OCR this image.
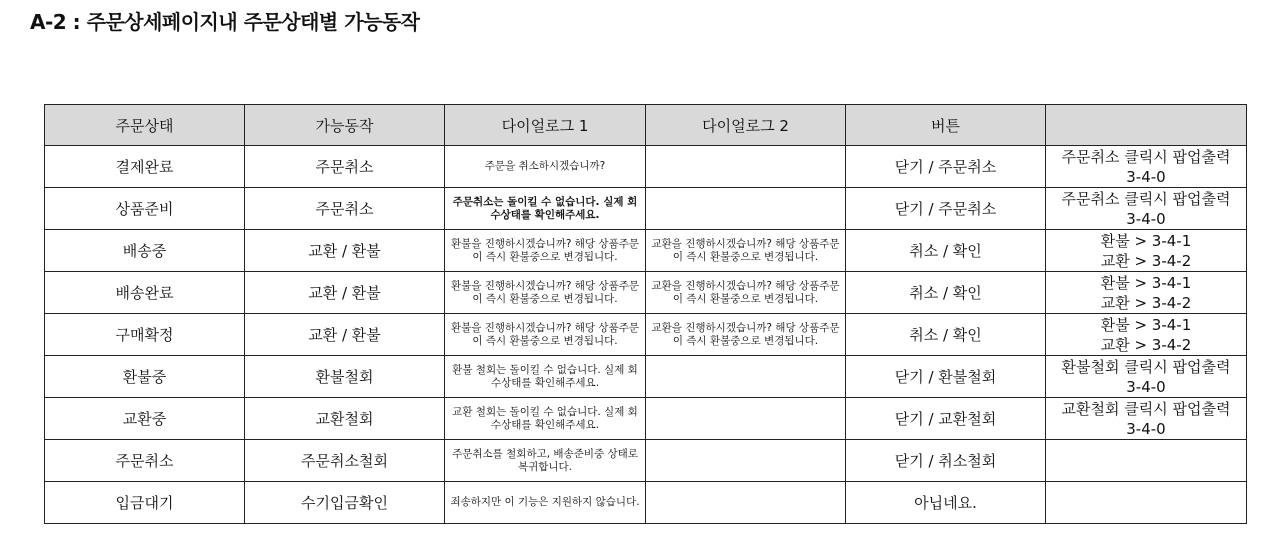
A-2 : 주문상세페이지내 주문상태별 가능동작
주문상태	가능동작	다이얼로그 1	다이얼로그 2	버튼	
결제완료	주문취소	주문을 취소하시겠습니까?		닫기 / 주문취소	주문취소 클릭시 팝업출력
3-4-0

상품준비	주문취소	주문취소는 돌이킬 수 없습니다. 실제 회수상태를 확인해주세요.		닫기 / 주문취소	주문취소 클릭시 팝업출력
3-4-0

배송중	교환 / 환불	환불을 진행하시겠습니까? 해당 상품주문이 즉시 환불중으로 변경됩니다.	교환을 진행하시겠습니까? 해당 상품주문이 즉시 환불중으로 변경됩니다.	취소 / 확인	환불 > 3-4-1
교환 > 3-4-2

배송완료	교환 / 환불	환불을 진행하시겠습니까? 해당 상품주문이 즉시 환불중으로 변경됩니다.	교환을 진행하시겠습니까? 해당 상품주문이 즉시 환불중으로 변경됩니다.	취소 / 확인	환불 > 3-4-1
교환 > 3-4-2

구매확정	교환 / 환불	환불을 진행하시겠습니까? 해당 상품주문이 즉시 환불중으로 변경됩니다.	교환을 진행하시겠습니까? 해당 상품주문이 즉시 환불중으로 변경됩니다.	취소 / 확인	환불 > 3-4-1
교환 > 3-4-2

환불중	환불철회	환불 철회는 돌이킬 수 없습니다. 실제 회수상태를 확인해주세요.		닫기 / 환불철회	환불철회 클릭시 팝업출력
3-4-0

교환중	교환철회	교환 철회는 돌이킬 수 없습니다. 실제 회수상태를 확인해주세요.		닫기 / 교환철회	교환철회 클릭시 팝업출력
3-4-0

주문취소	주문취소철회	주문취소를 철회하고, 배송준비중 상태로 복귀합니다.		닫기 / 취소철회	

입금대기	수기입금확인	죄송하지만 이 기능은 지원하지 않습니다.		아닙네요.	
